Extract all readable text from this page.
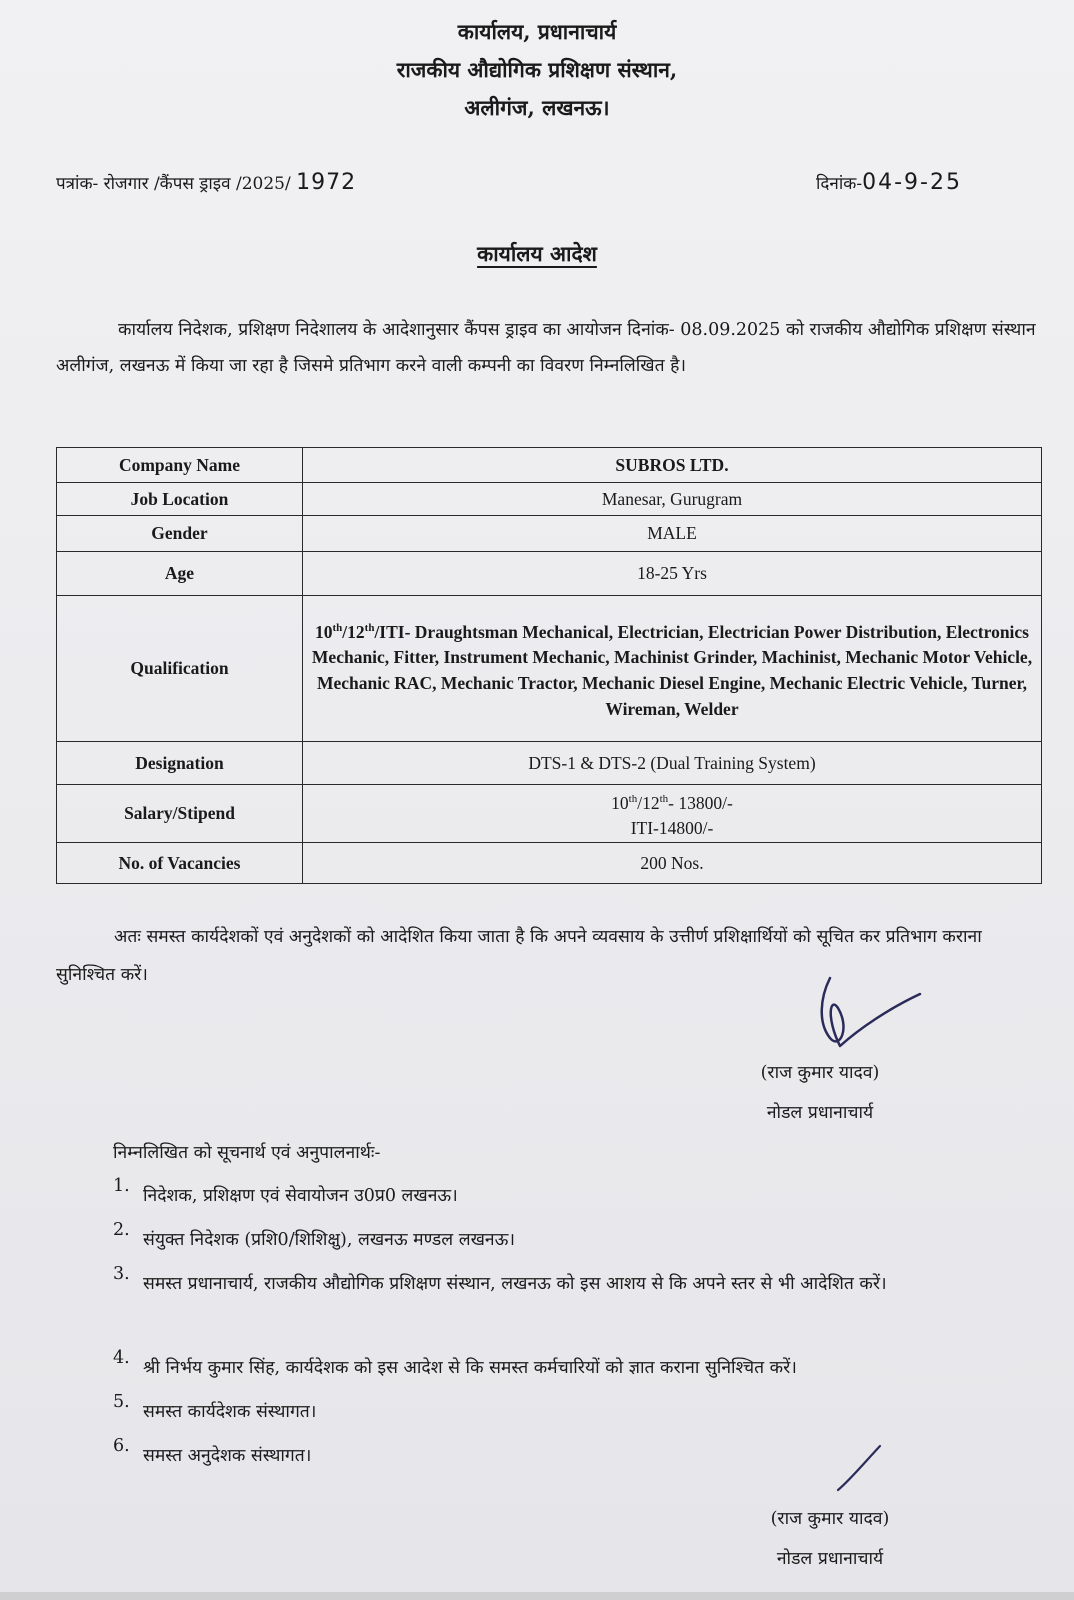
कार्यालय, प्रधानाचार्य
राजकीय औद्योगिक प्रशिक्षण संस्थान,
अलीगंज, लखनऊ।
पत्रांक- रोजगार /कैंपस ड्राइव /2025/ 1972	दिनांक-04-9-25
कार्यालय आदेश
कार्यालय निदेशक, प्रशिक्षण निदेशालय के आदेशानुसार कैंपस ड्राइव का आयोजन दिनांक- 08.09.2025 को राजकीय औद्योगिक प्रशिक्षण संस्थान अलीगंज, लखनऊ में किया जा रहा है जिसमे प्रतिभाग करने वाली कम्पनी का विवरण निम्नलिखित है।
Company Name	SUBROS LTD.
Job Location	Manesar, Gurugram
Gender	MALE
Age	18-25 Yrs
Qualification	10th/12th/ITI- Draughtsman Mechanical, Electrician, Electrician Power Distribution, Electronics Mechanic, Fitter, Instrument Mechanic, Machinist Grinder, Machinist, Mechanic Motor Vehicle, Mechanic RAC, Mechanic Tractor, Mechanic Diesel Engine, Mechanic Electric Vehicle, Turner, Wireman, Welder
Designation	DTS-1 & DTS-2 (Dual Training System)
Salary/Stipend	10th/12th- 13800/-
ITI-14800/-

No. of Vacancies	200 Nos.
अतः समस्त कार्यदेशकों एवं अनुदेशकों को आदेशित किया जाता है कि अपने व्यवसाय के उत्तीर्ण प्रशिक्षार्थियों को सूचित कर प्रतिभाग कराना सुनिश्चित करें।
(राज कुमार यादव)
नोडल प्रधानाचार्य
निम्नलिखित को सूचनार्थ एवं अनुपालनार्थः-
1. निदेशक, प्रशिक्षण एवं सेवायोजन उ0प्र0 लखनऊ।
2. संयुक्त निदेशक (प्रशि0/शिशिक्षु), लखनऊ मण्डल लखनऊ।
3. समस्त प्रधानाचार्य, राजकीय औद्योगिक प्रशिक्षण संस्थान, लखनऊ को इस आशय से कि अपने स्तर से भी आदेशित करें।
4. श्री निर्भय कुमार सिंह, कार्यदेशक को इस आदेश से कि समस्त कर्मचारियों को ज्ञात कराना सुनिश्चित करें।
5. समस्त कार्यदेशक संस्थागत।
6. समस्त अनुदेशक संस्थागत।
(राज कुमार यादव)
नोडल प्रधानाचार्य
